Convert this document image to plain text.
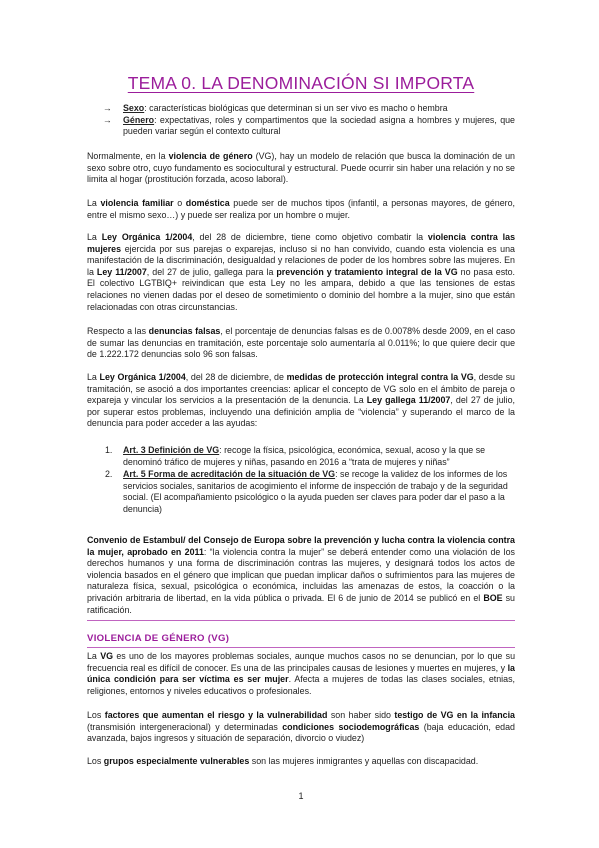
TEMA 0. LA DENOMINACIÓN SI IMPORTA
→	Sexo: características biológicas que determinan si un ser vivo es macho o hembra
→	Género: expectativas, roles y compartimentos que la sociedad asigna a hombres y mujeres, que pueden variar según el contexto cultural

Normalmente, en la violencia de género (VG), hay un modelo de relación que busca la dominación de un sexo sobre otro, cuyo fundamento es sociocultural y estructural. Puede ocurrir sin haber una relación y no se limita al hogar (prostitución forzada, acoso laboral).

La violencia familiar o doméstica puede ser de muchos tipos (infantil, a personas mayores, de género, entre el mismo sexo…) y puede ser realiza por un hombre o mujer.

La Ley Orgánica 1/2004, del 28 de diciembre, tiene como objetivo combatir la violencia contra las mujeres ejercida por sus parejas o exparejas, incluso si no han convivido, cuando esta violencia es una manifestación de la discriminación, desigualdad y relaciones de poder de los hombres sobre las mujeres. En la Ley 11/2007, del 27 de julio, gallega para la prevención y tratamiento integral de la VG no pasa esto. El colectivo LGTBIQ+ reivindican que esta Ley no les ampara, debido a que las tensiones de estas relaciones no vienen dadas por el deseo de sometimiento o dominio del hombre a la mujer, sino que están relacionadas con otras circunstancias.

Respecto a las denuncias falsas, el porcentaje de denuncias falsas es de 0.0078% desde 2009, en el caso de sumar las denuncias en tramitación, este porcentaje solo aumentaría al 0.011%; lo que quiere decir que de 1.222.172 denuncias solo 96 son falsas.

La Ley Orgánica 1/2004, del 28 de diciembre, de medidas de protección integral contra la VG, desde su tramitación, se asoció a dos importantes creencias: aplicar el concepto de VG solo en el ámbito de pareja o expareja y vincular los servicios a la presentación de la denuncia. La Ley gallega 11/2007, del 27 de julio, por superar estos problemas, incluyendo una definición amplia de “violencia” y superando el marco de la denuncia para poder acceder a las ayudas:

1.	Art. 3 Definición de VG: recoge la física, psicológica, económica, sexual, acoso y la que se denominó tráfico de mujeres y niñas, pasando en 2016 a “trata de mujeres y niñas”
2.	Art. 5 Forma de acreditación de la situación de VG: se recoge la validez de los informes de los servicios sociales, sanitarios de acogimiento el informe de inspección de trabajo y de la seguridad social. (El acompañamiento psicológico o la ayuda pueden ser claves para poder dar el paso a la denuncia)

Convenio de Estambul/ del Consejo de Europa sobre la prevención y lucha contra la violencia contra la mujer, aprobado en 2011: “la violencia contra la mujer” se deberá entender como una violación de los derechos humanos y una forma de discriminación contras las mujeres, y designará todos los actos de violencia basados en el género que implican que puedan implicar daños o sufrimientos para las mujeres de naturaleza física, sexual, psicológica o económica, incluidas las amenazas de estos, la coacción o la privación arbitraria de libertad, en la vida pública o privada. El 6 de junio de 2014 se publicó en el BOE su ratificación.

VIOLENCIA DE GÉNERO (VG)

La VG es uno de los mayores problemas sociales, aunque muchos casos no se denuncian, por lo que su frecuencia real es difícil de conocer. Es una de las principales causas de lesiones y muertes en mujeres, y la única condición para ser víctima es ser mujer. Afecta a mujeres de todas las clases sociales, etnias, religiones, entornos y niveles educativos o profesionales.

Los factores que aumentan el riesgo y la vulnerabilidad son haber sido testigo de VG en la infancia (transmisión intergeneracional) y determinadas condiciones sociodemográficas (baja educación, edad avanzada, bajos ingresos y situación de separación, divorcio o viudez)

Los grupos especialmente vulnerables son las mujeres inmigrantes y aquellas con discapacidad.

1
